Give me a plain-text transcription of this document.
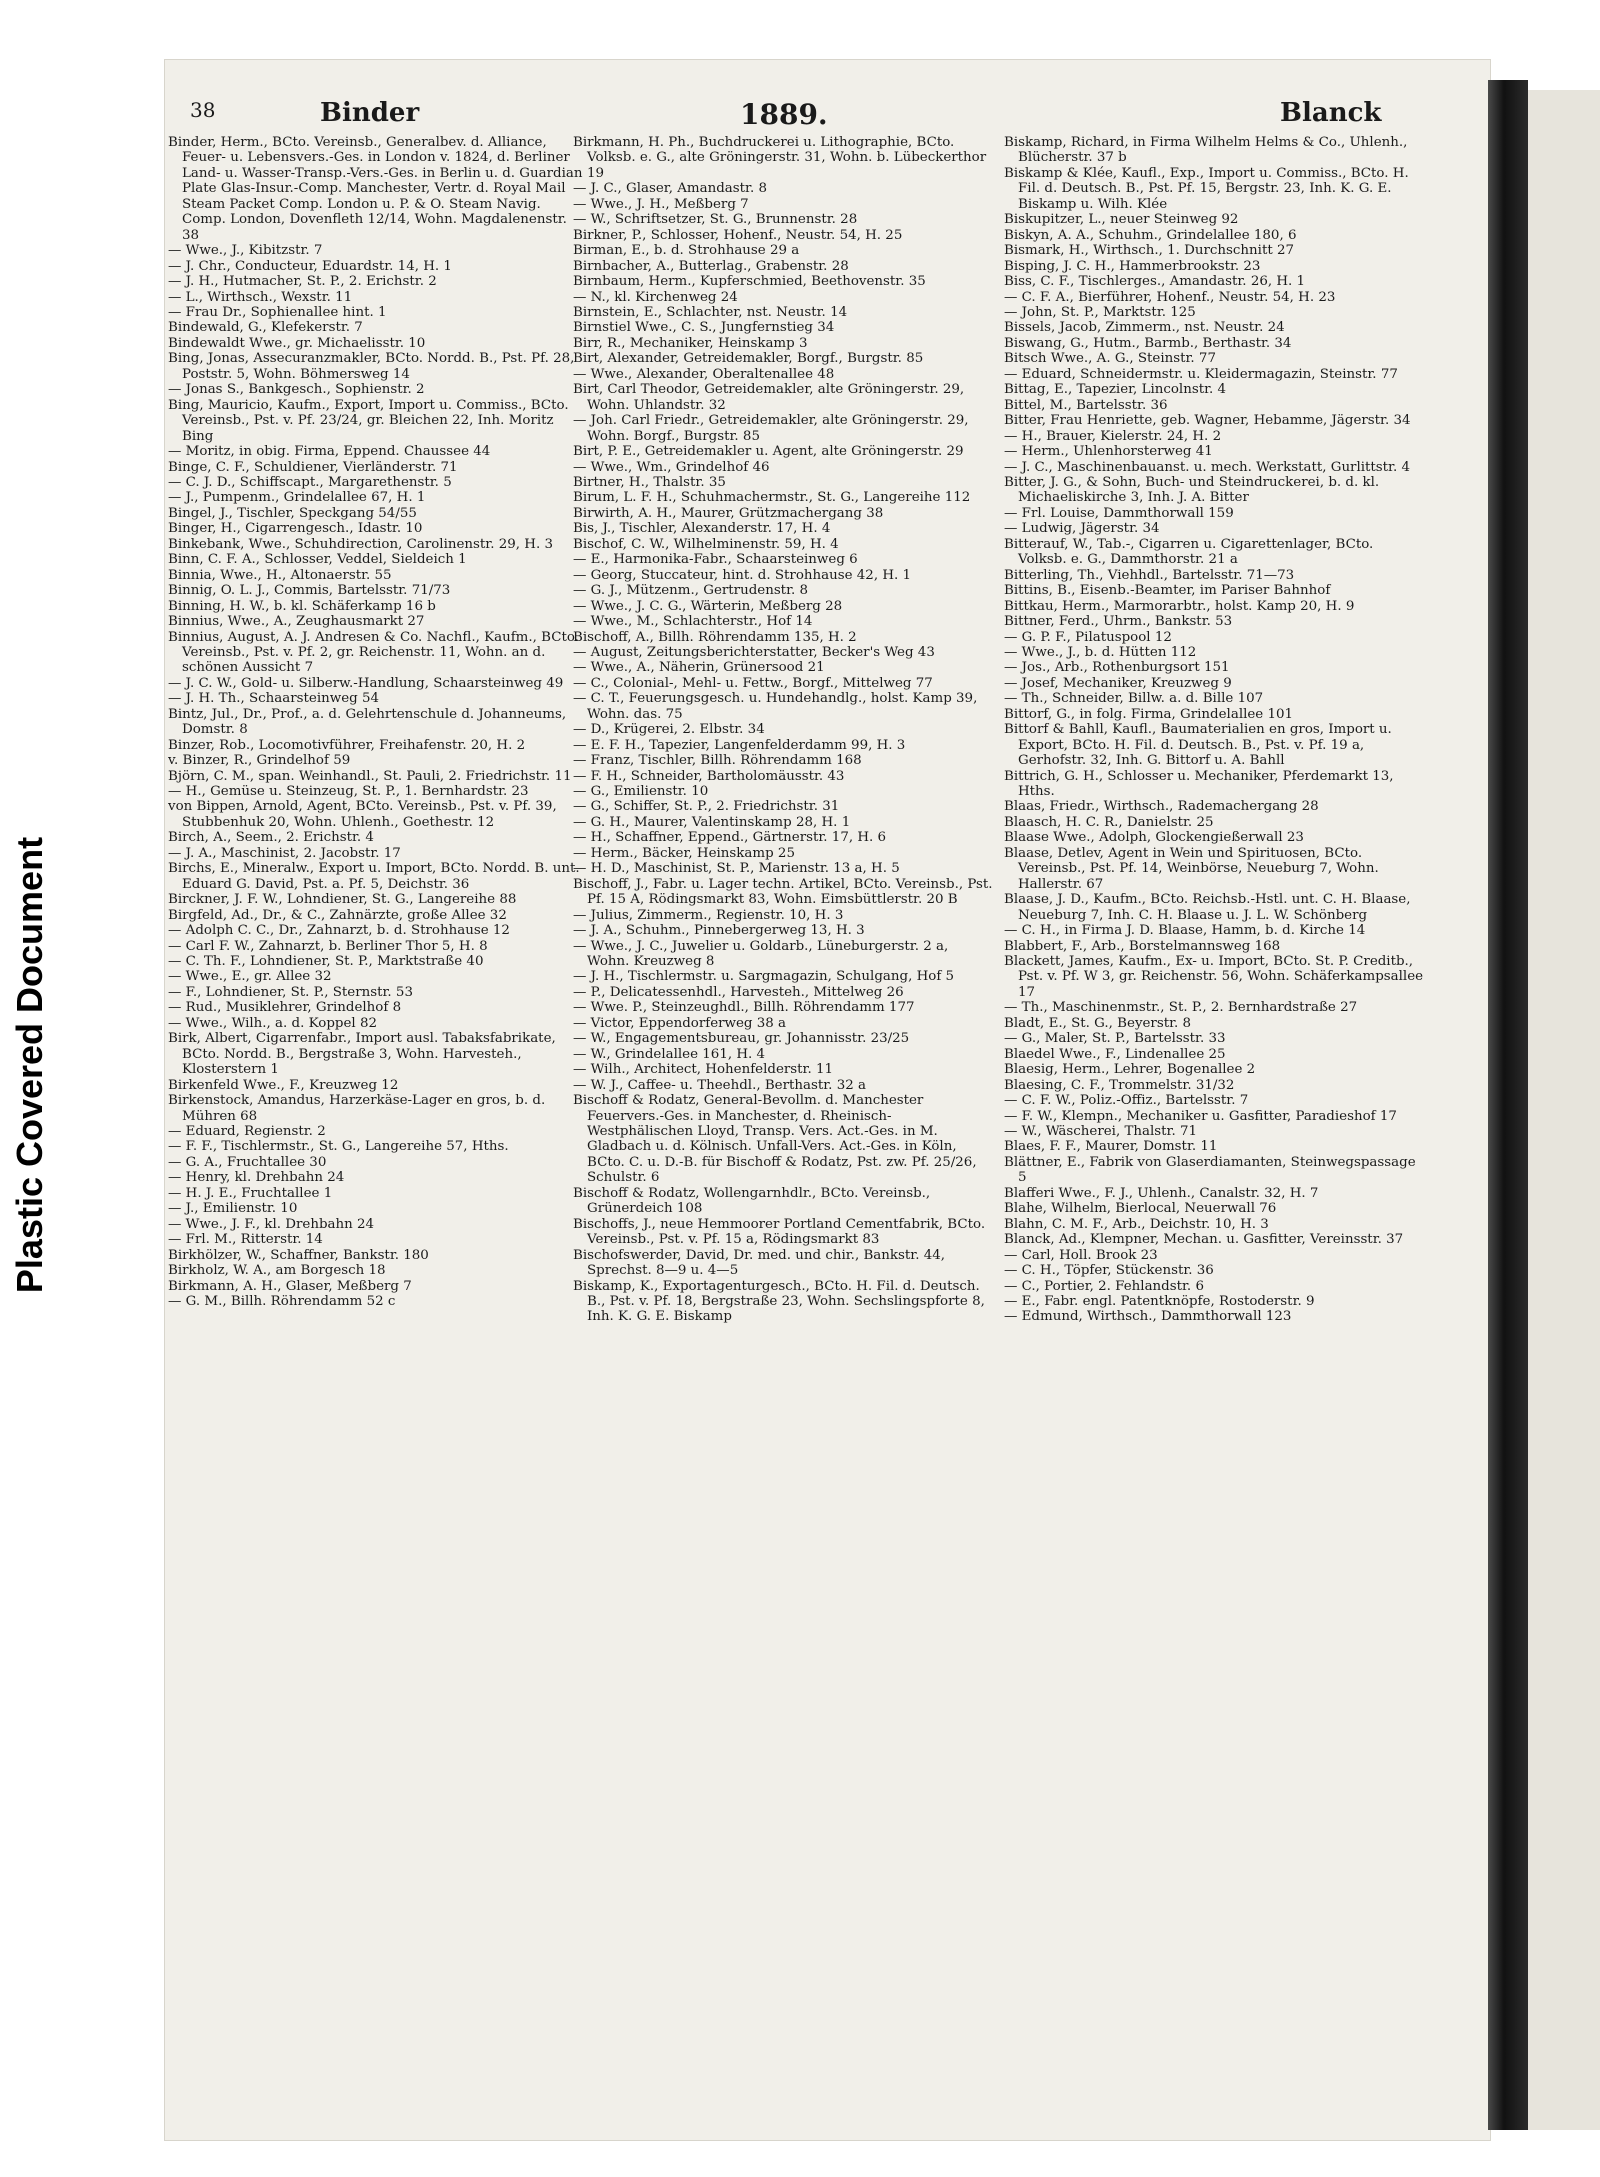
Plastic Covered Document
38	Binder	1889.	Blanck

Binder, Herm., BCto. Vereinsb., Generalbev. d. Alliance, Feuer- u. Lebensvers.-Ges. in London v. 1824, d. Berliner Land- u. Wasser-Transp.-Vers.-Ges. in Berlin u. d. Guardian Plate Glas-Insur.-Comp. Manchester, Vertr. d. Royal Mail Steam Packet Comp. London u. P. & O. Steam Navig. Comp. London, Dovenfleth 12/14, Wohn. Magdalenenstr. 38

— Wwe., J., Kibitzstr. 7

— J. Chr., Conducteur, Eduardstr. 14, H. 1

— J. H., Hutmacher, St. P., 2. Erichstr. 2

— L., Wirthsch., Wexstr. 11

— Frau Dr., Sophienallee hint. 1

Bindewald, G., Klefekerstr. 7

Bindewaldt Wwe., gr. Michaelisstr. 10

Bing, Jonas, Assecuranzmakler, BCto. Nordd. B., Pst. Pf. 28, Poststr. 5, Wohn. Böhmersweg 14

— Jonas S., Bankgesch., Sophienstr. 2

Bing, Mauricio, Kaufm., Export, Import u. Commiss., BCto. Vereinsb., Pst. v. Pf. 23/24, gr. Bleichen 22, Inh. Moritz Bing

— Moritz, in obig. Firma, Eppend. Chaussee 44

Binge, C. F., Schuldiener, Vierländerstr. 71

— C. J. D., Schiffscapt., Margarethenstr. 5

— J., Pumpenm., Grindelallee 67, H. 1

Bingel, J., Tischler, Speckgang 54/55

Binger, H., Cigarrengesch., Idastr. 10

Binkebank, Wwe., Schuhdirection, Carolinenstr. 29, H. 3

Binn, C. F. A., Schlosser, Veddel, Sieldeich 1

Binnia, Wwe., H., Altonaerstr. 55

Binnig, O. L. J., Commis, Bartelsstr. 71/73

Binning, H. W., b. kl. Schäferkamp 16 b

Binnius, Wwe., A., Zeughausmarkt 27

Binnius, August, A. J. Andresen & Co. Nachfl., Kaufm., BCto. Vereinsb., Pst. v. Pf. 2, gr. Reichenstr. 11, Wohn. an d. schönen Aussicht 7

— J. C. W., Gold- u. Silberw.-Handlung, Schaarsteinweg 49

— J. H. Th., Schaarsteinweg 54

Bintz, Jul., Dr., Prof., a. d. Gelehrtenschule d. Johanneums, Domstr. 8

Binzer, Rob., Locomotivführer, Freihafenstr. 20, H. 2

v. Binzer, R., Grindelhof 59

Björn, C. M., span. Weinhandl., St. Pauli, 2. Friedrichstr. 11

— H., Gemüse u. Steinzeug, St. P., 1. Bernhardstr. 23

von Bippen, Arnold, Agent, BCto. Vereinsb., Pst. v. Pf. 39, Stubbenhuk 20, Wohn. Uhlenh., Goethestr. 12

Birch, A., Seem., 2. Erichstr. 4

— J. A., Maschinist, 2. Jacobstr. 17

Birchs, E., Mineralw., Export u. Import, BCto. Nordd. B. unt. Eduard G. David, Pst. a. Pf. 5, Deichstr. 36

Birckner, J. F. W., Lohndiener, St. G., Langereihe 88

Birgfeld, Ad., Dr., & C., Zahnärzte, große Allee 32

— Adolph C. C., Dr., Zahnarzt, b. d. Strohhause 12

— Carl F. W., Zahnarzt, b. Berliner Thor 5, H. 8

— C. Th. F., Lohndiener, St. P., Marktstraße 40

— Wwe., E., gr. Allee 32

— F., Lohndiener, St. P., Sternstr. 53

— Rud., Musiklehrer, Grindelhof 8

— Wwe., Wilh., a. d. Koppel 82

Birk, Albert, Cigarrenfabr., Import ausl. Tabaksfabrikate, BCto. Nordd. B., Bergstraße 3, Wohn. Harvesteh., Klosterstern 1

Birkenfeld Wwe., F., Kreuzweg 12

Birkenstock, Amandus, Harzerkäse-Lager en gros, b. d. Mühren 68

— Eduard, Regienstr. 2

— F. F., Tischlermstr., St. G., Langereihe 57, Hths.

— G. A., Fruchtallee 30

— Henry, kl. Drehbahn 24

— H. J. E., Fruchtallee 1

— J., Emilienstr. 10

— Wwe., J. F., kl. Drehbahn 24

— Frl. M., Ritterstr. 14

Birkhölzer, W., Schaffner, Bankstr. 180

Birkholz, W. A., am Borgesch 18

Birkmann, A. H., Glaser, Meßberg 7

— G. M., Billh. Röhrendamm 52 c

Birkmann, H. Ph., Buchdruckerei u. Lithographie, BCto. Volksb. e. G., alte Gröningerstr. 31, Wohn. b. Lübeckerthor 19

— J. C., Glaser, Amandastr. 8

— Wwe., J. H., Meßberg 7

— W., Schriftsetzer, St. G., Brunnenstr. 28

Birkner, P., Schlosser, Hohenf., Neustr. 54, H. 25

Birman, E., b. d. Strohhause 29 a

Birnbacher, A., Butterlag., Grabenstr. 28

Birnbaum, Herm., Kupferschmied, Beethovenstr. 35

— N., kl. Kirchenweg 24

Birnstein, E., Schlachter, nst. Neustr. 14

Birnstiel Wwe., C. S., Jungfernstieg 34

Birr, R., Mechaniker, Heinskamp 3

Birt, Alexander, Getreidemakler, Borgf., Burgstr. 85

— Wwe., Alexander, Oberaltenallee 48

Birt, Carl Theodor, Getreidemakler, alte Gröningerstr. 29, Wohn. Uhlandstr. 32

— Joh. Carl Friedr., Getreidemakler, alte Gröningerstr. 29, Wohn. Borgf., Burgstr. 85

Birt, P. E., Getreidemakler u. Agent, alte Gröningerstr. 29

— Wwe., Wm., Grindelhof 46

Birtner, H., Thalstr. 35

Birum, L. F. H., Schuhmachermstr., St. G., Langereihe 112

Birwirth, A. H., Maurer, Grützmachergang 38

Bis, J., Tischler, Alexanderstr. 17, H. 4

Bischof, C. W., Wilhelminenstr. 59, H. 4

— E., Harmonika-Fabr., Schaarsteinweg 6

— Georg, Stuccateur, hint. d. Strohhause 42, H. 1

— G. J., Mützenm., Gertrudenstr. 8

— Wwe., J. C. G., Wärterin, Meßberg 28

— Wwe., M., Schlachterstr., Hof 14

Bischoff, A., Billh. Röhrendamm 135, H. 2

— August, Zeitungsberichterstatter, Becker's Weg 43

— Wwe., A., Näherin, Grünersood 21

— C., Colonial-, Mehl- u. Fettw., Borgf., Mittelweg 77

— C. T., Feuerungsgesch. u. Hundehandlg., holst. Kamp 39, Wohn. das. 75

— D., Krügerei, 2. Elbstr. 34

— E. F. H., Tapezier, Langenfelderdamm 99, H. 3

— Franz, Tischler, Billh. Röhrendamm 168

— F. H., Schneider, Bartholomäusstr. 43

— G., Emilienstr. 10

— G., Schiffer, St. P., 2. Friedrichstr. 31

— G. H., Maurer, Valentinskamp 28, H. 1

— H., Schaffner, Eppend., Gärtnerstr. 17, H. 6

— Herm., Bäcker, Heinskamp 25

— H. D., Maschinist, St. P., Marienstr. 13 a, H. 5

Bischoff, J., Fabr. u. Lager techn. Artikel, BCto. Vereinsb., Pst. Pf. 15 A, Rödingsmarkt 83, Wohn. Eimsbüttlerstr. 20 B

— Julius, Zimmerm., Regienstr. 10, H. 3

— J. A., Schuhm., Pinnebergerweg 13, H. 3

— Wwe., J. C., Juwelier u. Goldarb., Lüneburgerstr. 2 a, Wohn. Kreuzweg 8

— J. H., Tischlermstr. u. Sargmagazin, Schulgang, Hof 5

— P., Delicatessenhdl., Harvesteh., Mittelweg 26

— Wwe. P., Steinzeughdl., Billh. Röhrendamm 177

— Victor, Eppendorferweg 38 a

— W., Engagementsbureau, gr. Johannisstr. 23/25

— W., Grindelallee 161, H. 4

— Wilh., Architect, Hohenfelderstr. 11

— W. J., Caffee- u. Theehdl., Berthastr. 32 a

Bischoff & Rodatz, General-Bevollm. d. Manchester Feuervers.-Ges. in Manchester, d. Rheinisch-Westphälischen Lloyd, Transp. Vers. Act.-Ges. in M. Gladbach u. d. Kölnisch. Unfall-Vers. Act.-Ges. in Köln, BCto. C. u. D.-B. für Bischoff & Rodatz, Pst. zw. Pf. 25/26, Schulstr. 6

Bischoff & Rodatz, Wollengarnhdlr., BCto. Vereinsb., Grünerdeich 108

Bischoffs, J., neue Hemmoorer Portland Cementfabrik, BCto. Vereinsb., Pst. v. Pf. 15 a, Rödingsmarkt 83

Bischofswerder, David, Dr. med. und chir., Bankstr. 44, Sprechst. 8—9 u. 4—5

Biskamp, K., Exportagenturgesch., BCto. H. Fil. d. Deutsch. B., Pst. v. Pf. 18, Bergstraße 23, Wohn. Sechslingspforte 8, Inh. K. G. E. Biskamp

Biskamp, Richard, in Firma Wilhelm Helms & Co., Uhlenh., Blücherstr. 37 b

Biskamp & Klée, Kaufl., Exp., Import u. Commiss., BCto. H. Fil. d. Deutsch. B., Pst. Pf. 15, Bergstr. 23, Inh. K. G. E. Biskamp u. Wilh. Klée

Biskupitzer, L., neuer Steinweg 92

Biskyn, A. A., Schuhm., Grindelallee 180, 6

Bismark, H., Wirthsch., 1. Durchschnitt 27

Bisping, J. C. H., Hammerbrookstr. 23

Biss, C. F., Tischlerges., Amandastr. 26, H. 1

— C. F. A., Bierführer, Hohenf., Neustr. 54, H. 23

— John, St. P., Marktstr. 125

Bissels, Jacob, Zimmerm., nst. Neustr. 24

Biswang, G., Hutm., Barmb., Berthastr. 34

Bitsch Wwe., A. G., Steinstr. 77

— Eduard, Schneidermstr. u. Kleidermagazin, Steinstr. 77

Bittag, E., Tapezier, Lincolnstr. 4

Bittel, M., Bartelsstr. 36

Bitter, Frau Henriette, geb. Wagner, Hebamme, Jägerstr. 34

— H., Brauer, Kielerstr. 24, H. 2

— Herm., Uhlenhorsterweg 41

— J. C., Maschinenbauanst. u. mech. Werkstatt, Gurlittstr. 4

Bitter, J. G., & Sohn, Buch- und Steindruckerei, b. d. kl. Michaeliskirche 3, Inh. J. A. Bitter

— Frl. Louise, Dammthorwall 159

— Ludwig, Jägerstr. 34

Bitterauf, W., Tab.-, Cigarren u. Cigarettenlager, BCto. Volksb. e. G., Dammthorstr. 21 a

Bitterling, Th., Viehhdl., Bartelsstr. 71—73

Bittins, B., Eisenb.-Beamter, im Pariser Bahnhof

Bittkau, Herm., Marmorarbtr., holst. Kamp 20, H. 9

Bittner, Ferd., Uhrm., Bankstr. 53

— G. P. F., Pilatuspool 12

— Wwe., J., b. d. Hütten 112

— Jos., Arb., Rothenburgsort 151

— Josef, Mechaniker, Kreuzweg 9

— Th., Schneider, Billw. a. d. Bille 107

Bittorf, G., in folg. Firma, Grindelallee 101

Bittorf & Bahll, Kaufl., Baumaterialien en gros, Import u. Export, BCto. H. Fil. d. Deutsch. B., Pst. v. Pf. 19 a, Gerhofstr. 32, Inh. G. Bittorf u. A. Bahll

Bittrich, G. H., Schlosser u. Mechaniker, Pferdemarkt 13, Hths.

Blaas, Friedr., Wirthsch., Rademachergang 28

Blaasch, H. C. R., Danielstr. 25

Blaase Wwe., Adolph, Glockengießerwall 23

Blaase, Detlev, Agent in Wein und Spirituosen, BCto. Vereinsb., Pst. Pf. 14, Weinbörse, Neueburg 7, Wohn. Hallerstr. 67

Blaase, J. D., Kaufm., BCto. Reichsb.-Hstl. unt. C. H. Blaase, Neueburg 7, Inh. C. H. Blaase u. J. L. W. Schönberg

— C. H., in Firma J. D. Blaase, Hamm, b. d. Kirche 14

Blabbert, F., Arb., Borstelmannsweg 168

Blackett, James, Kaufm., Ex- u. Import, BCto. St. P. Creditb., Pst. v. Pf. W 3, gr. Reichenstr. 56, Wohn. Schäferkampsallee 17

— Th., Maschinenmstr., St. P., 2. Bernhardstraße 27

Bladt, E., St. G., Beyerstr. 8

— G., Maler, St. P., Bartelsstr. 33

Blaedel Wwe., F., Lindenallee 25

Blaesig, Herm., Lehrer, Bogenallee 2

Blaesing, C. F., Trommelstr. 31/32

— C. F. W., Poliz.-Offiz., Bartelsstr. 7

— F. W., Klempn., Mechaniker u. Gasfitter, Paradieshof 17

— W., Wäscherei, Thalstr. 71

Blaes, F. F., Maurer, Domstr. 11

Blättner, E., Fabrik von Glaserdiamanten, Steinwegspassage 5

Blafferi Wwe., F. J., Uhlenh., Canalstr. 32, H. 7

Blahe, Wilhelm, Bierlocal, Neuerwall 76

Blahn, C. M. F., Arb., Deichstr. 10, H. 3

Blanck, Ad., Klempner, Mechan. u. Gasfitter, Vereinsstr. 37

— Carl, Holl. Brook 23

— C. H., Töpfer, Stückenstr. 36

— C., Portier, 2. Fehlandstr. 6

— E., Fabr. engl. Patentknöpfe, Rostoderstr. 9

— Edmund, Wirthsch., Dammthorwall 123
